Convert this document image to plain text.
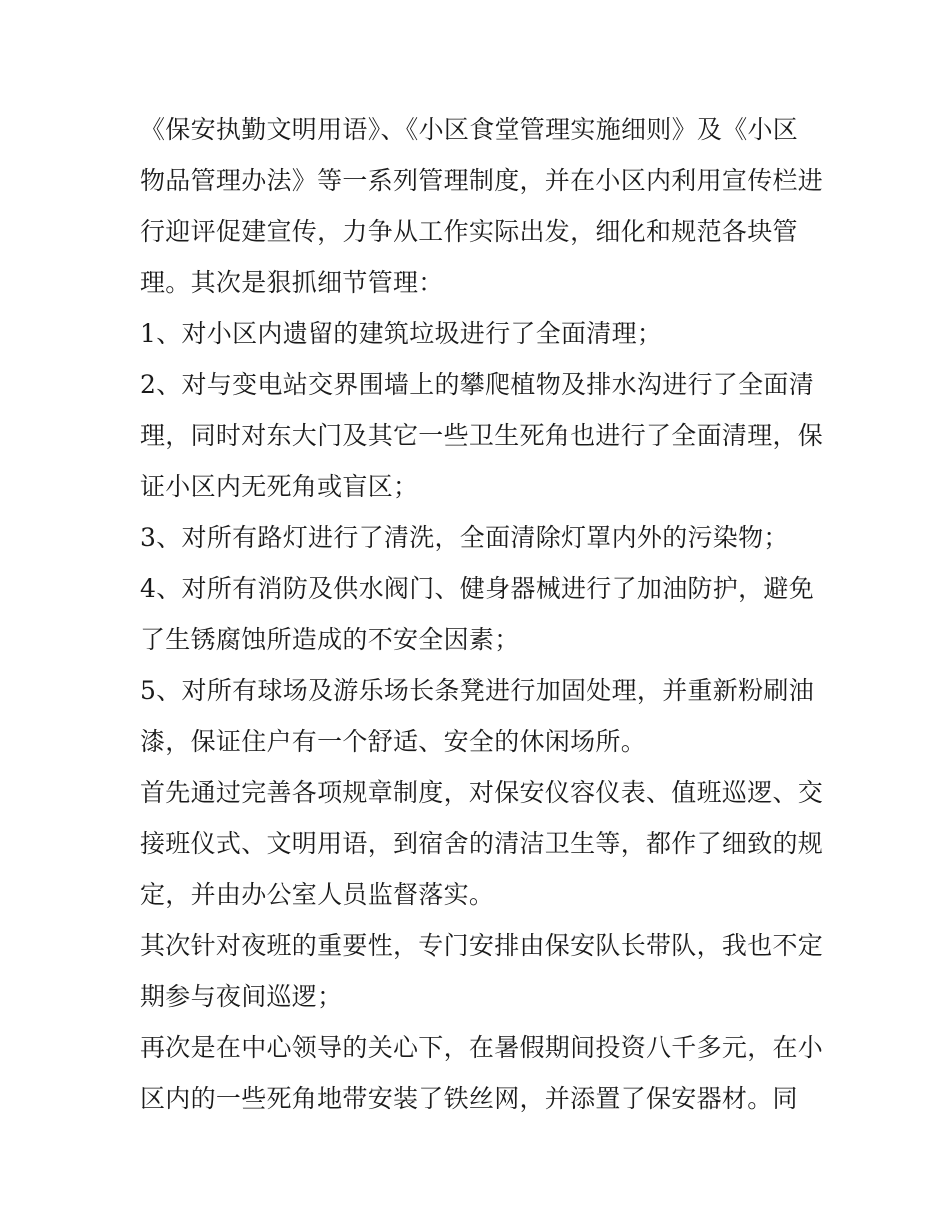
《保安执勤文明用语》、《小区食堂管理实施细则》及《小区
物品管理办法》等一系列管理制度，并在小区内利用宣传栏进
行迎评促建宣传，力争从工作实际出发，细化和规范各块管
理。其次是狠抓细节管理：

1、对小区内遗留的建筑垃圾进行了全面清理；

2、对与变电站交界围墙上的攀爬植物及排水沟进行了全面清
理，同时对东大门及其它一些卫生死角也进行了全面清理，保
证小区内无死角或盲区；

3、对所有路灯进行了清洗，全面清除灯罩内外的污染物；

4、对所有消防及供水阀门、健身器械进行了加油防护，避免
了生锈腐蚀所造成的不安全因素；

5、对所有球场及游乐场长条凳进行加固处理，并重新粉刷油
漆，保证住户有一个舒适、安全的休闲场所。

首先通过完善各项规章制度，对保安仪容仪表、值班巡逻、交
接班仪式、文明用语，到宿舍的清洁卫生等，都作了细致的规
定，并由办公室人员监督落实。

其次针对夜班的重要性，专门安排由保安队长带队，我也不定
期参与夜间巡逻；

再次是在中心领导的关心下，在暑假期间投资八千多元，在小
区内的一些死角地带安装了铁丝网，并添置了保安器材。同
